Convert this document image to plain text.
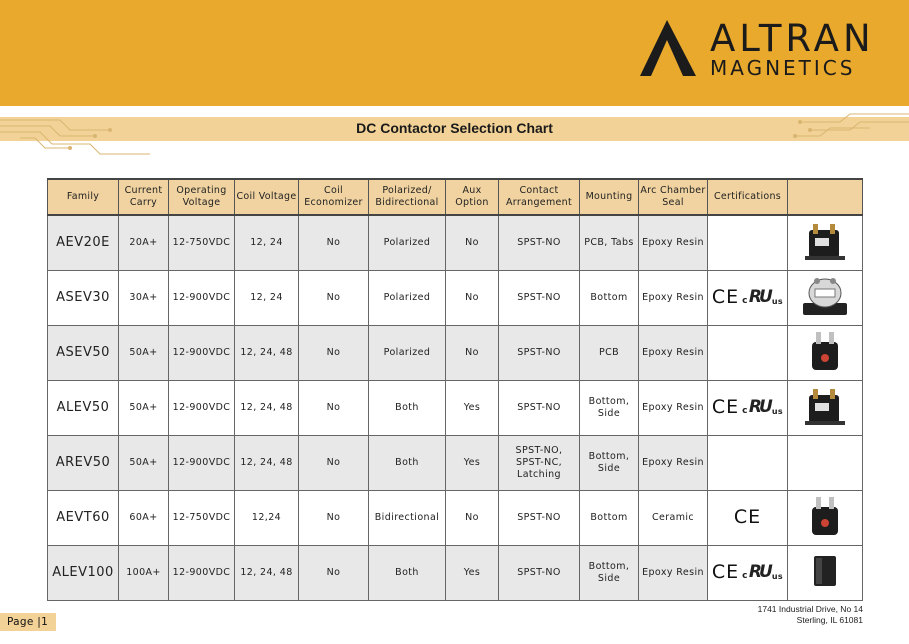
ALTRAN
MAGNETICS
DC Contactor Selection Chart
Family	Current Carry	Operating Voltage	Coil Voltage	Coil Economizer	Polarized/ Bidirectional	Aux Option	Contact Arrangement	Mounting	Arc Chamber Seal	Certifications	
AEV20E	20A+	12-750VDC	12, 24	No	Polarized	No	SPST-NO	PCB, Tabs	Epoxy Resin	

ASEV30	30A+	12-900VDC	12, 24	No	Polarized	No	SPST-NO	Bottom	Epoxy Resin	CE c RU us

ASEV50	50A+	12-900VDC	12, 24, 48	No	Polarized	No	SPST-NO	PCB	Epoxy Resin	

ALEV50	50A+	12-900VDC	12, 24, 48	No	Both	Yes	SPST-NO	Bottom, Side	Epoxy Resin	CE c RU us

AREV50	50A+	12-900VDC	12, 24, 48	No	Both	Yes	SPST-NO, SPST-NC, Latching	Bottom, Side	Epoxy Resin	

AEVT60	60A+	12-750VDC	12,24	No	Bidirectional	No	SPST-NO	Bottom	Ceramic	CE

ALEV100	100A+	12-900VDC	12, 24, 48	No	Both	Yes	SPST-NO	Bottom, Side	Epoxy Resin	CE c RU us

Page |1
1741 Industrial Drive, No 14
Sterling, IL 61081
